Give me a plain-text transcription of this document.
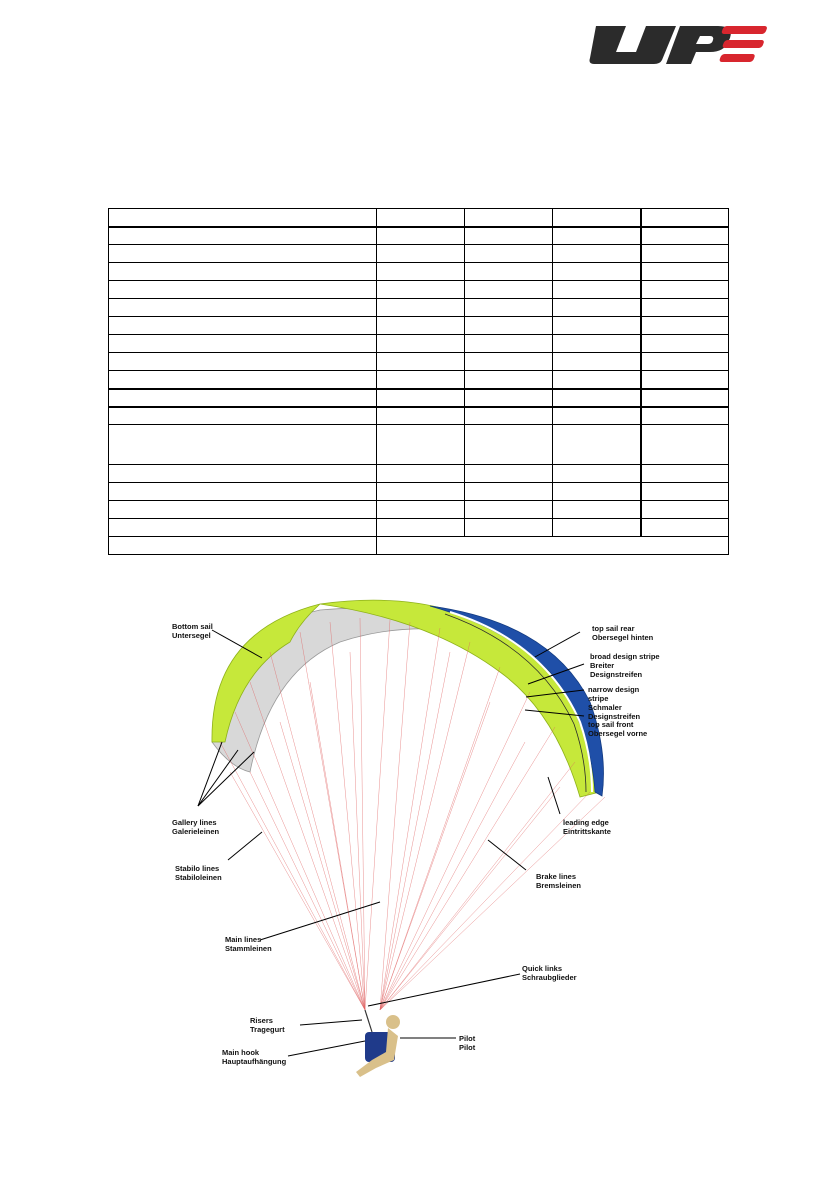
Bottom sail
Untersegel
top sail rear
Obersegel hinten
broad design stripe
Breiter
Designstreifen
narrow design
stripe
Schmaler
Designstreifen
top sail front
Obersegel vorne
Gallery lines
Galerieleinen
leading edge
Eintrittskante
Stabilo lines
Stabiloleinen	Brake lines
Bremsleinen
Main lines
Stammleinen
Quick links
Schraubglieder
Risers
Tragegurt
Pilot
Pilot
Main hook
Hauptaufhängung
